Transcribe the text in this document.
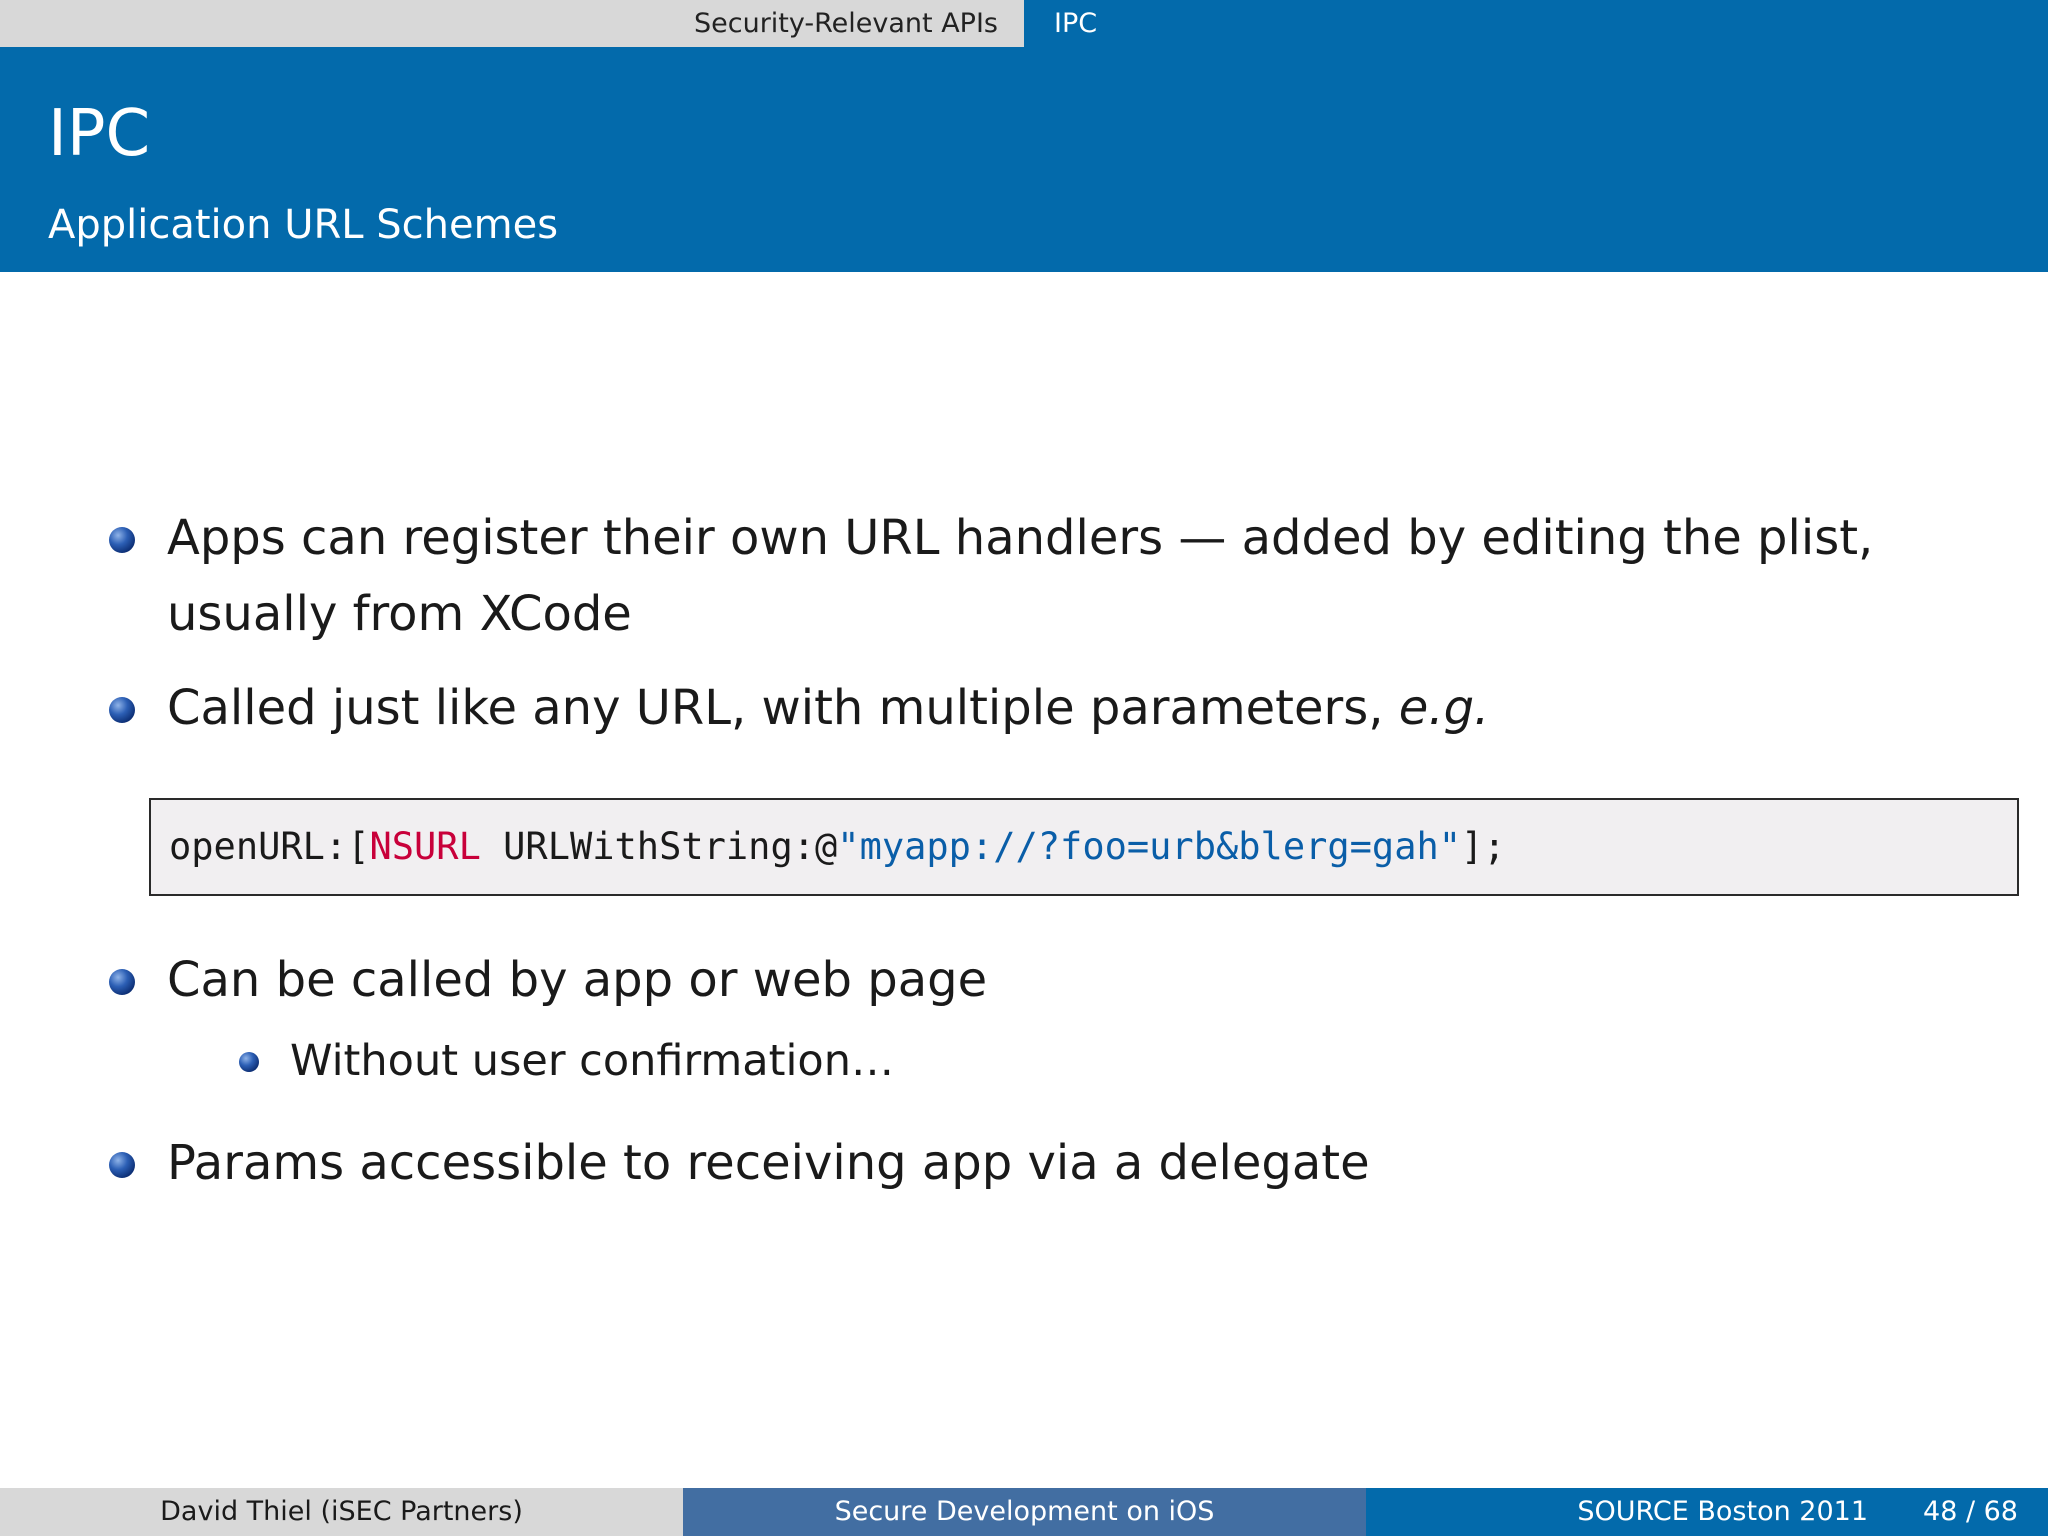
Security-Relevant APIs	IPC
IPC
Application URL Schemes
Apps can register their own URL handlers — added by editing the plist, usually from XCode
Called just like any URL, with multiple parameters, e.g.
openURL:[NSURL URLWithString:@"myapp://?foo=urb&blerg=gah"];
Can be called by app or web page
Without user confirmation…
Params accessible to receiving app via a delegate
David Thiel (iSEC Partners)	Secure Development on iOS	SOURCE Boston 2011 48 / 68
